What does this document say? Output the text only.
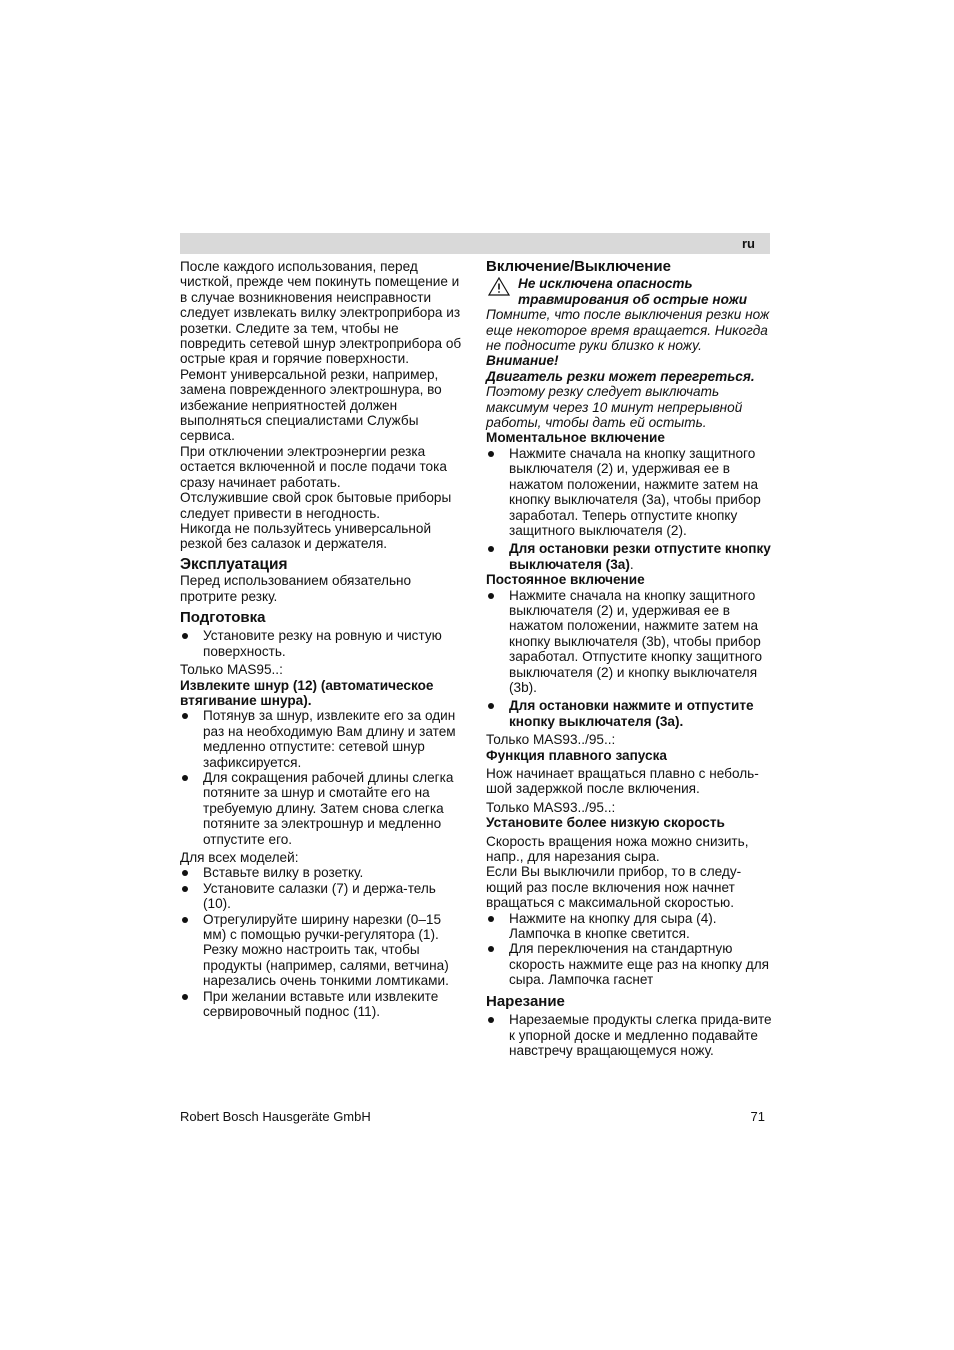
ru

После каждого использования, перед чисткой, прежде чем покинуть помещение и в случае возникновения неисправности следует извлекать вилку электроприбора из розетки. Следите за тем, чтобы не повредить сетевой шнур электроприбора об острые края и горячие поверхности.

Ремонт универсальной резки, например, замена поврежденного электрошнура, во избежание неприятностей должен выполняться специалистами Службы сервиса.

При отключении электроэнергии резка остается включенной и после подачи тока сразу начинает работать.

Отслужившие свой срок бытовые приборы следует привести в негодность.

Никогда не пользуйтесь универсальной резкой без салазок и держателя.

Эксплуатация

Перед использованием обязательно протрите резку.

Подготовка

Установите резку на ровную и чистую поверхность.

Только MAS95..:

Извлеките шнур (12) (автоматическое втягивание шнура).

Потянув за шнур, извлеките его за один раз на необходимую Вам длину и затем медленно отпустите: сетевой шнур зафиксируется.
Для сокращения рабочей длины слегка потяните за шнур и смотайте его на требуемую длину. Затем снова слегка потяните за электрошнур и медленно отпустите его.

Для всех моделей:

Вставьте вилку в розетку.
Установите салазки (7) и держа-тель (10).
Отрегулируйте ширину нарезки (0–15 мм) с помощью ручки-регулятора (1).
Резку можно настроить так, чтобы продукты (например, салями, ветчина) нарезались очень тонкими ломтиками.
При желании вставьте или извлеките сервировочный поднос (11).

Включение/Выключение

Не исключена опасность травмирования об острые ножи

Помните, что после выключения резки нож еще некоторое время вращается. Никогда не подносите руки близко к ножу.

Внимание!

Двигатель резки может перегреться.

Поэтому резку следует выключать максимум через 10 минут непрерывной работы, чтобы дать ей остыть.

Моментальное включение

Нажмите сначала на кнопку защитного выключателя (2) и, удерживая ее в нажатом положении, нажмите затем на кнопку выключателя (3а), чтобы прибор заработал. Теперь отпустите кнопку защитного выключателя (2).
Для остановки резки отпустите кнопку выключателя (3a).

Постоянное включение

Нажмите сначала на кнопку защитного выключателя (2) и, удерживая ее в нажатом положении, нажмите затем на кнопку выключателя (3b), чтобы прибор заработал. Отпустите кнопку защитного выключателя (2) и кнопку выключателя (3b).
Для остановки нажмите и отпустите кнопку выключателя (3a).

Только MAS93../95..:

Функция плавного запуска

Нож начинает вращаться плавно с неболь-шой задержкой после включения.

Только MAS93../95..:

Установите более низкую скорость

Скорость вращения ножа можно снизить, напр., для нарезания сыра.

Если Вы выключили прибор, то в следу-ющий раз после включения нож начнет вращаться с максимальной скоростью.

Нажмите на кнопку для сыра (4). Лампочка в кнопке светится.
Для переключения на стандартную скорость нажмите еще раз на кнопку для сыра. Лампочка гаснет

Нарезание

Нарезаемые продукты слегка прида-вите к упорной доске и медленно подавайте навстречу вращающемуся ножу.
Robert Bosch Hausgeräte GmbH	71
